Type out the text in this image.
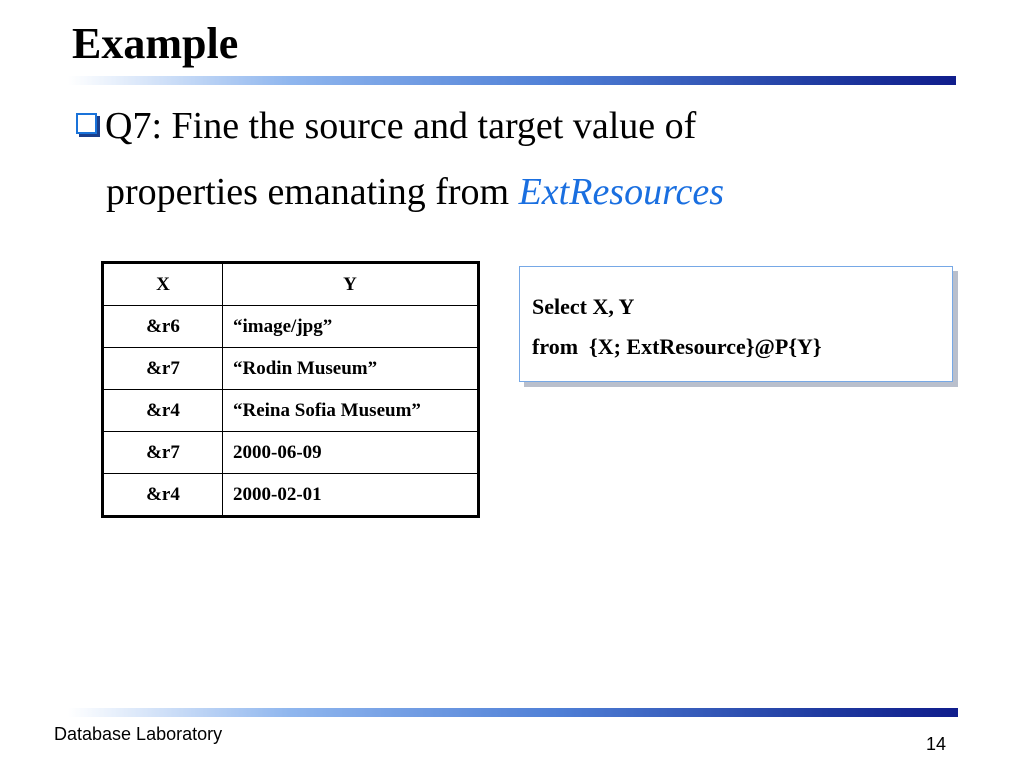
Example
Q7: Fine the source and target value of
properties emanating from ExtResources
X	Y
&r6	“image/jpg”
&r7	“Rodin Museum”
&r4	“Reina Sofia Museum”
&r7	2000-06-09
&r4	2000-02-01
Select X, Y
from  {X; ExtResource}@P{Y}
Database Laboratory	14
